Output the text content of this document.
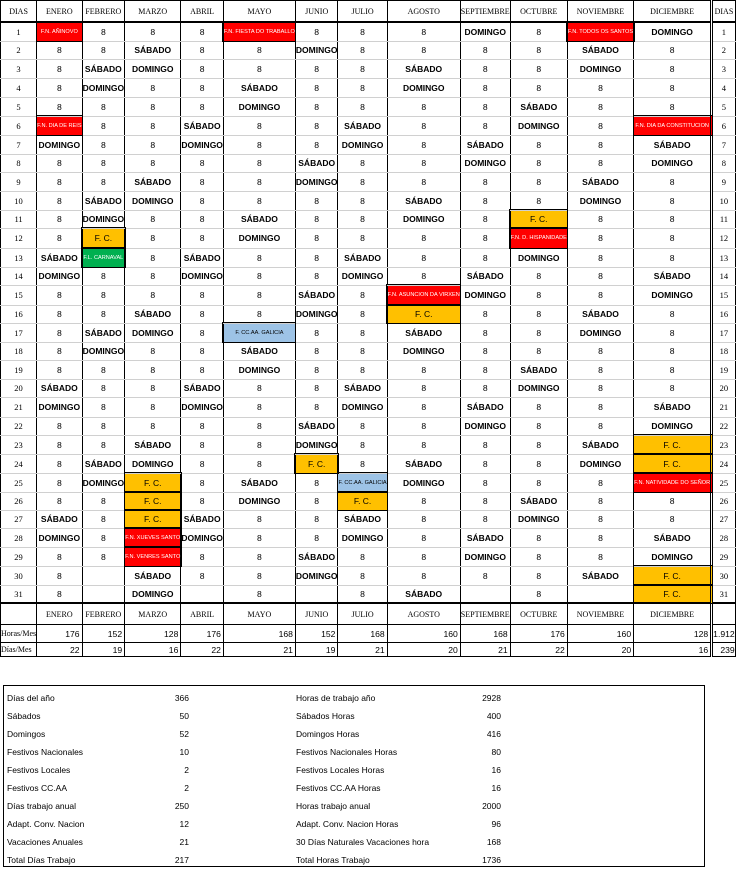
DIAS	ENERO	FEBRERO	MARZO	ABRIL	MAYO	JUNIO	JULIO	AGOSTO	SEPTIEMBRE	OCTUBRE	NOVIEMBRE	DICIEMBRE	DIAS
1	F.N. AÑINOVO	8	8	8	F.N. FIESTA DO TRABALLO	8	8	8	DOMINGO	8	F.N. TODOS OS SANTOS	DOMINGO	1
2	8	8	SÁBADO	8	8	DOMINGO	8	8	8	8	SÁBADO	8	2
3	8	SÁBADO	DOMINGO	8	8	8	8	SÁBADO	8	8	DOMINGO	8	3
4	8	DOMINGO	8	8	SÁBADO	8	8	DOMINGO	8	8	8	8	4
5	8	8	8	8	DOMINGO	8	8	8	8	SÁBADO	8	8	5
6	F.N. DIA DE REIS	8	8	SÁBADO	8	8	SÁBADO	8	8	DOMINGO	8	F.N. DIA DA CONSTITUCION	6
7	DOMINGO	8	8	DOMINGO	8	8	DOMINGO	8	SÁBADO	8	8	SÁBADO	7
8	8	8	8	8	8	SÁBADO	8	8	DOMINGO	8	8	DOMINGO	8
9	8	8	SÁBADO	8	8	DOMINGO	8	8	8	8	SÁBADO	8	9
10	8	SÁBADO	DOMINGO	8	8	8	8	SÁBADO	8	8	DOMINGO	8	10
11	8	DOMINGO	8	8	SÁBADO	8	8	DOMINGO	8	F. C.	8	8	11
12	8	F. C.	8	8	DOMINGO	8	8	8	8	F.N. D. HISPANIDADE	8	8	12
13	SÁBADO	F.L. CARNAVAL	8	SÁBADO	8	8	SÁBADO	8	8	DOMINGO	8	8	13
14	DOMINGO	8	8	DOMINGO	8	8	DOMINGO	8	SÁBADO	8	8	SÁBADO	14
15	8	8	8	8	8	SÁBADO	8	F.N. ASUNCION DA VIRXEN	DOMINGO	8	8	DOMINGO	15
16	8	8	SÁBADO	8	8	DOMINGO	8	F. C.	8	8	SÁBADO	8	16
17	8	SÁBADO	DOMINGO	8	F. CC.AA. GALICIA	8	8	SÁBADO	8	8	DOMINGO	8	17
18	8	DOMINGO	8	8	SÁBADO	8	8	DOMINGO	8	8	8	8	18
19	8	8	8	8	DOMINGO	8	8	8	8	SÁBADO	8	8	19
20	SÁBADO	8	8	SÁBADO	8	8	SÁBADO	8	8	DOMINGO	8	8	20
21	DOMINGO	8	8	DOMINGO	8	8	DOMINGO	8	SÁBADO	8	8	SÁBADO	21
22	8	8	8	8	8	SÁBADO	8	8	DOMINGO	8	8	DOMINGO	22
23	8	8	SÁBADO	8	8	DOMINGO	8	8	8	8	SÁBADO	F. C.	23
24	8	SÁBADO	DOMINGO	8	8	F. C.	8	SÁBADO	8	8	DOMINGO	F. C.	24
25	8	DOMINGO	F. C.	8	SÁBADO	8	F. CC.AA. GALICIA	DOMINGO	8	8	8	F.N. NATIVIDADE DO SEÑOR	25
26	8	8	F. C.	8	DOMINGO	8	F. C.	8	8	SÁBADO	8	8	26
27	SÁBADO	8	F. C.	SÁBADO	8	8	SÁBADO	8	8	DOMINGO	8	8	27
28	DOMINGO	8	F.N. XUEVES SANTO	DOMINGO	8	8	DOMINGO	8	SÁBADO	8	8	SÁBADO	28
29	8	8	F.N. VENRES SANTO	8	8	SÁBADO	8	8	DOMINGO	8	8	DOMINGO	29
30	8		SÁBADO	8	8	DOMINGO	8	8	8	8	SÁBADO	F. C.	30
31	8		DOMINGO		8		8	SÁBADO		8		F. C.	31
	ENERO	FEBRERO	MARZO	ABRIL	MAYO	JUNIO	JULIO	AGOSTO	SEPTIEMBRE	OCTUBRE	NOVIEMBRE	DICIEMBRE	
Horas/Mes	176	152	128	176	168	152	168	160	168	176	160	128	1.912
Días/Mes	22	19	16	22	21	19	21	20	21	22	20	16	239
Días del año	366
Sábados	50
Domingos	52
Festivos Nacionales	10
Festivos Locales	2
Festivos CC.AA	2
Días trabajo anual	250
Adapt. Conv. Nacion	12
Vacaciones Anuales	21
Total Días Trabajo	217
Horas de trabajo año	2928
Sábados Horas	400
Domingos Horas	416
Festivos Nacionales Horas	80
Festivos Locales Horas	16
Festivos CC.AA Horas	16
Horas trabajo anual	2000
Adapt. Conv. Nacion Horas	96
30 Días Naturales Vacaciones hora	168
Total Horas Trabajo	1736
